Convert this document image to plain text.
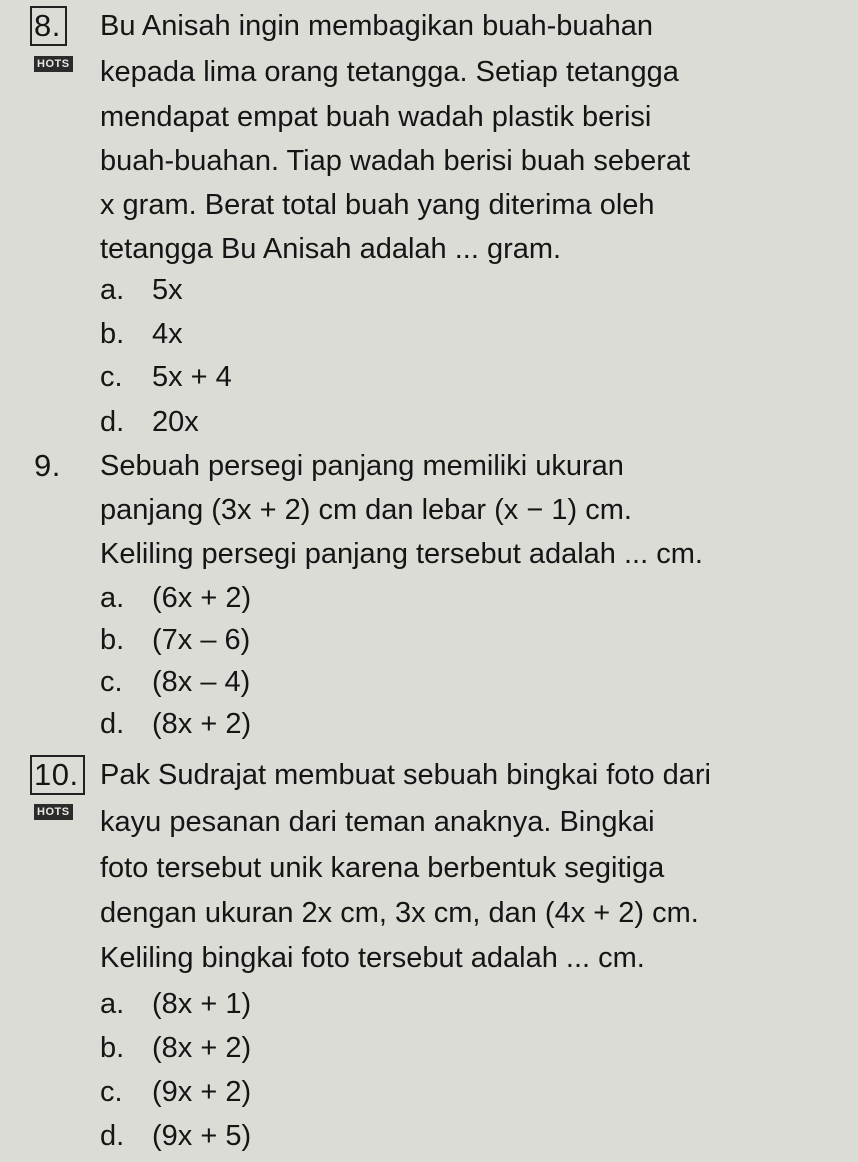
8.
HOTS
Bu Anisah ingin membagikan buah-buahan
kepada lima orang tetangga. Setiap tetangga
mendapat empat buah wadah plastik berisi
buah-buahan. Tiap wadah berisi buah seberat
x gram. Berat total buah yang diterima oleh
tetangga Bu Anisah adalah ... gram.
a. 5x
b. 4x
c. 5x + 4
d. 20x
9. Sebuah persegi panjang memiliki ukuran
panjang (3x + 2) cm dan lebar (x − 1) cm.
Keliling persegi panjang tersebut adalah ... cm.
a. (6x + 2)
b. (7x – 6)
c. (8x – 4)
d. (8x + 2)
10.
HOTS
Pak Sudrajat membuat sebuah bingkai foto dari
kayu pesanan dari teman anaknya. Bingkai
foto tersebut unik karena berbentuk segitiga
dengan ukuran 2x cm, 3x cm, dan (4x + 2) cm.
Keliling bingkai foto tersebut adalah ... cm.
a. (8x + 1)
b. (8x + 2)
c. (9x + 2)
d. (9x + 5)
